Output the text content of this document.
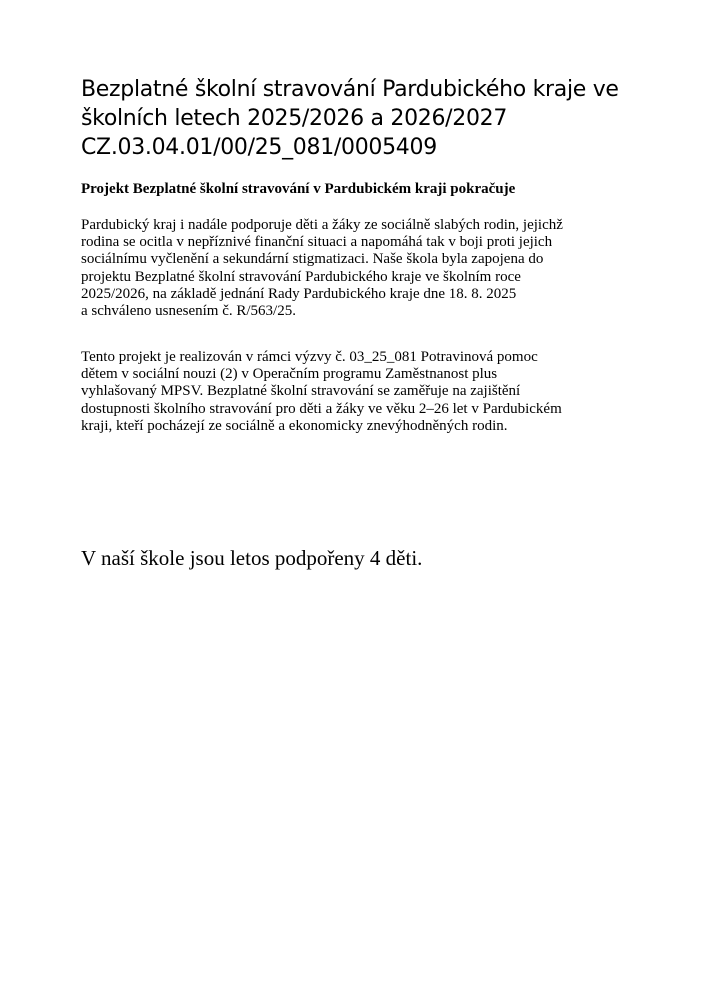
Bezplatné školní stravování Pardubického kraje ve
školních letech 2025/2026 a 2026/2027
CZ.03.04.01/00/25_081/0005409
Projekt Bezplatné školní stravování v Pardubickém kraji pokračuje

Pardubický kraj i nadále podporuje děti a žáky ze sociálně slabých rodin, jejichž
rodina se ocitla v nepříznivé finanční situaci a napomáhá tak v boji proti jejich
sociálnímu vyčlenění a sekundární stigmatizaci. Naše škola byla zapojena do
projektu Bezplatné školní stravování Pardubického kraje ve školním roce
2025/2026, na základě jednání Rady Pardubického kraje dne 18. 8. 2025
a schváleno usnesením č. R/563/25.

Tento projekt je realizován v rámci výzvy č. 03_25_081 Potravinová pomoc
dětem v sociální nouzi (2) v Operačním programu Zaměstnanost plus
vyhlašovaný MPSV. Bezplatné školní stravování se zaměřuje na zajištění
dostupnosti školního stravování pro děti a žáky ve věku 2–26 let v Pardubickém
kraji, kteří pocházejí ze sociálně a ekonomicky znevýhodněných rodin.

V naší škole jsou letos podpořeny 4 děti.
